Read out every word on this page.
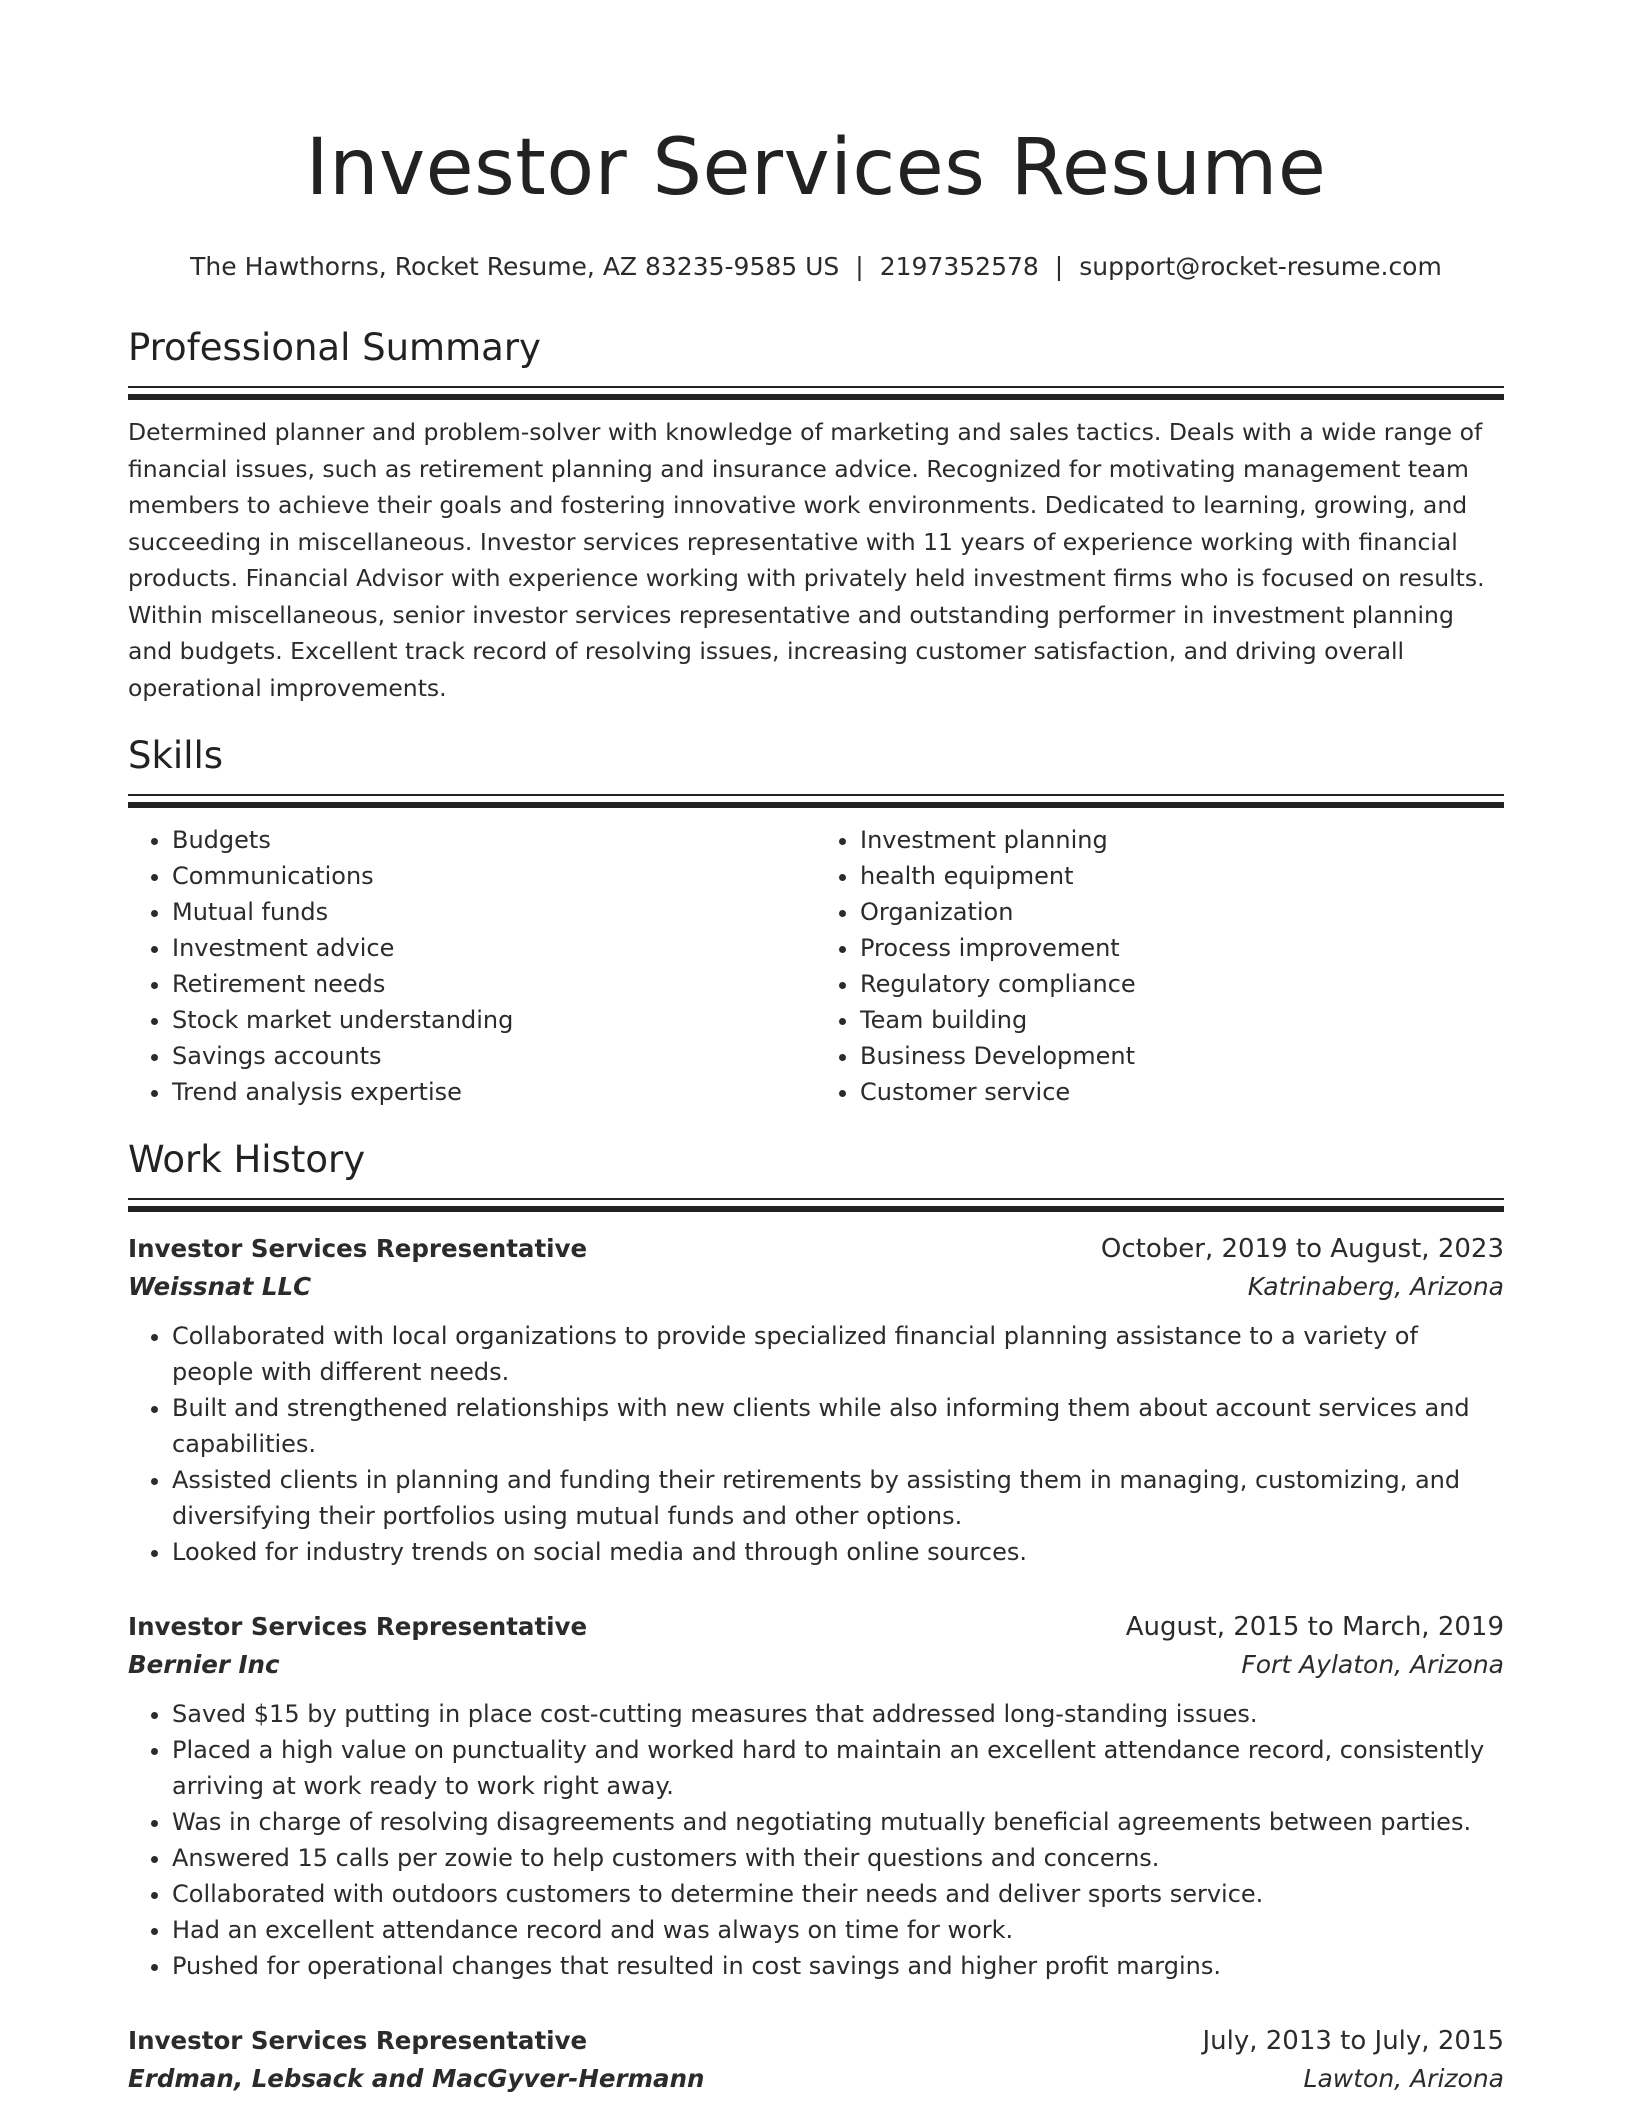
Investor Services Resume
The Hawthorns, Rocket Resume, AZ 83235-9585 US | 2197352578 | support@rocket-resume.com
Professional Summary
Determined planner and problem-solver with knowledge of marketing and sales tactics. Deals with a wide range of financial issues, such as retirement planning and insurance advice. Recognized for motivating management team members to achieve their goals and fostering innovative work environments. Dedicated to learning, growing, and succeeding in miscellaneous. Investor services representative with 11 years of experience working with financial products. Financial Advisor with experience working with privately held investment firms who is focused on results. Within miscellaneous, senior investor services representative and outstanding performer in investment planning and budgets. Excellent track record of resolving issues, increasing customer satisfaction, and driving overall operational improvements.
Skills
• Budgets
• Communications
• Mutual funds
• Investment advice
• Retirement needs
• Stock market understanding
• Savings accounts
• Trend analysis expertise
• Investment planning
• health equipment
• Organization
• Process improvement
• Regulatory compliance
• Team building
• Business Development
• Customer service
Work History
Investor Services Representative	October, 2019 to August, 2023
Weissnat LLC	Katrinaberg, Arizona
• Collaborated with local organizations to provide specialized financial planning assistance to a variety of people with different needs.
• Built and strengthened relationships with new clients while also informing them about account services and capabilities.
• Assisted clients in planning and funding their retirements by assisting them in managing, customizing, and diversifying their portfolios using mutual funds and other options.
• Looked for industry trends on social media and through online sources.
Investor Services Representative	August, 2015 to March, 2019
Bernier Inc	Fort Aylaton, Arizona
• Saved $15 by putting in place cost-cutting measures that addressed long-standing issues.
• Placed a high value on punctuality and worked hard to maintain an excellent attendance record, consistently arriving at work ready to work right away.
• Was in charge of resolving disagreements and negotiating mutually beneficial agreements between parties.
• Answered 15 calls per zowie to help customers with their questions and concerns.
• Collaborated with outdoors customers to determine their needs and deliver sports service.
• Had an excellent attendance record and was always on time for work.
• Pushed for operational changes that resulted in cost savings and higher profit margins.
Investor Services Representative	July, 2013 to July, 2015
Erdman, Lebsack and MacGyver-Hermann	Lawton, Arizona
